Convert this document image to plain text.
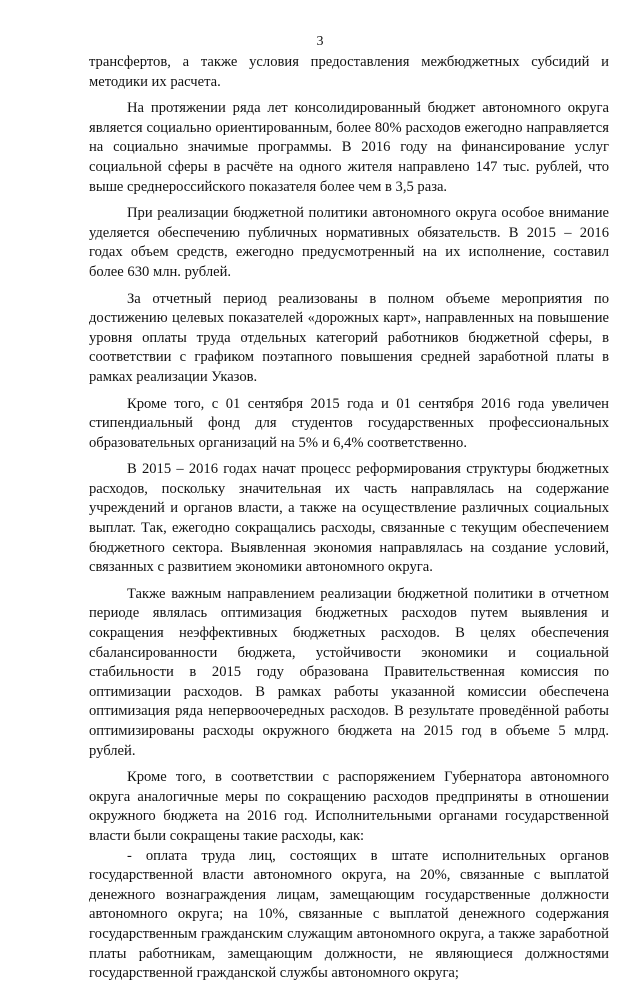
3

трансфертов, а также условия предоставления межбюджетных субсидий и методики их расчета.

На протяжении ряда лет консолидированный бюджет автономного округа является социально ориентированным, более 80% расходов ежегодно направляется на социально значимые программы. В 2016 году на финансирование услуг социальной сферы в расчёте на одного жителя направлено 147 тыс. рублей, что выше среднероссийского показателя более чем в 3,5 раза.

При реализации бюджетной политики автономного округа особое внимание уделяется обеспечению публичных нормативных обязательств. В 2015 – 2016 годах объем средств, ежегодно предусмотренный на их исполнение, составил более 630 млн. рублей.

За отчетный период реализованы в полном объеме мероприятия по достижению целевых показателей «дорожных карт», направленных на повышение уровня оплаты труда отдельных категорий работников бюджетной сферы, в соответствии с графиком поэтапного повышения средней заработной платы в рамках реализации Указов.

Кроме того, с 01 сентября 2015 года и 01 сентября 2016 года увеличен стипендиальный фонд для студентов государственных профессиональных образовательных организаций на 5% и 6,4% соответственно.

В 2015 – 2016 годах начат процесс реформирования структуры бюджетных расходов, поскольку значительная их часть направлялась на содержание учреждений и органов власти, а также на осуществление различных социальных выплат. Так, ежегодно сокращались расходы, связанные с текущим обеспечением бюджетного сектора. Выявленная экономия направлялась на создание условий, связанных с развитием экономики автономного округа.

Также важным направлением реализации бюджетной политики в отчетном периоде являлась оптимизация бюджетных расходов путем выявления и сокращения неэффективных бюджетных расходов. В целях обеспечения сбалансированности бюджета, устойчивости экономики и социальной стабильности в 2015 году образована Правительственная комиссия по оптимизации расходов. В рамках работы указанной комиссии обеспечена оптимизация ряда непервоочередных расходов. В результате проведённой работы оптимизированы расходы окружного бюджета на 2015 год в объеме 5 млрд. рублей.

Кроме того, в соответствии с распоряжением Губернатора автономного округа аналогичные меры по сокращению расходов предприняты в отношении окружного бюджета на 2016 год. Исполнительными органами государственной власти были сокращены такие расходы, как:

- оплата труда лиц, состоящих в штате исполнительных органов государственной власти автономного округа, на 20%, связанные с выплатой денежного вознаграждения лицам, замещающим государственные должности автономного округа; на 10%, связанные с выплатой денежного содержания государственным гражданским служащим автономного округа, а также заработной платы работникам, замещающим должности, не являющиеся должностями государственной гражданской службы автономного округа;
